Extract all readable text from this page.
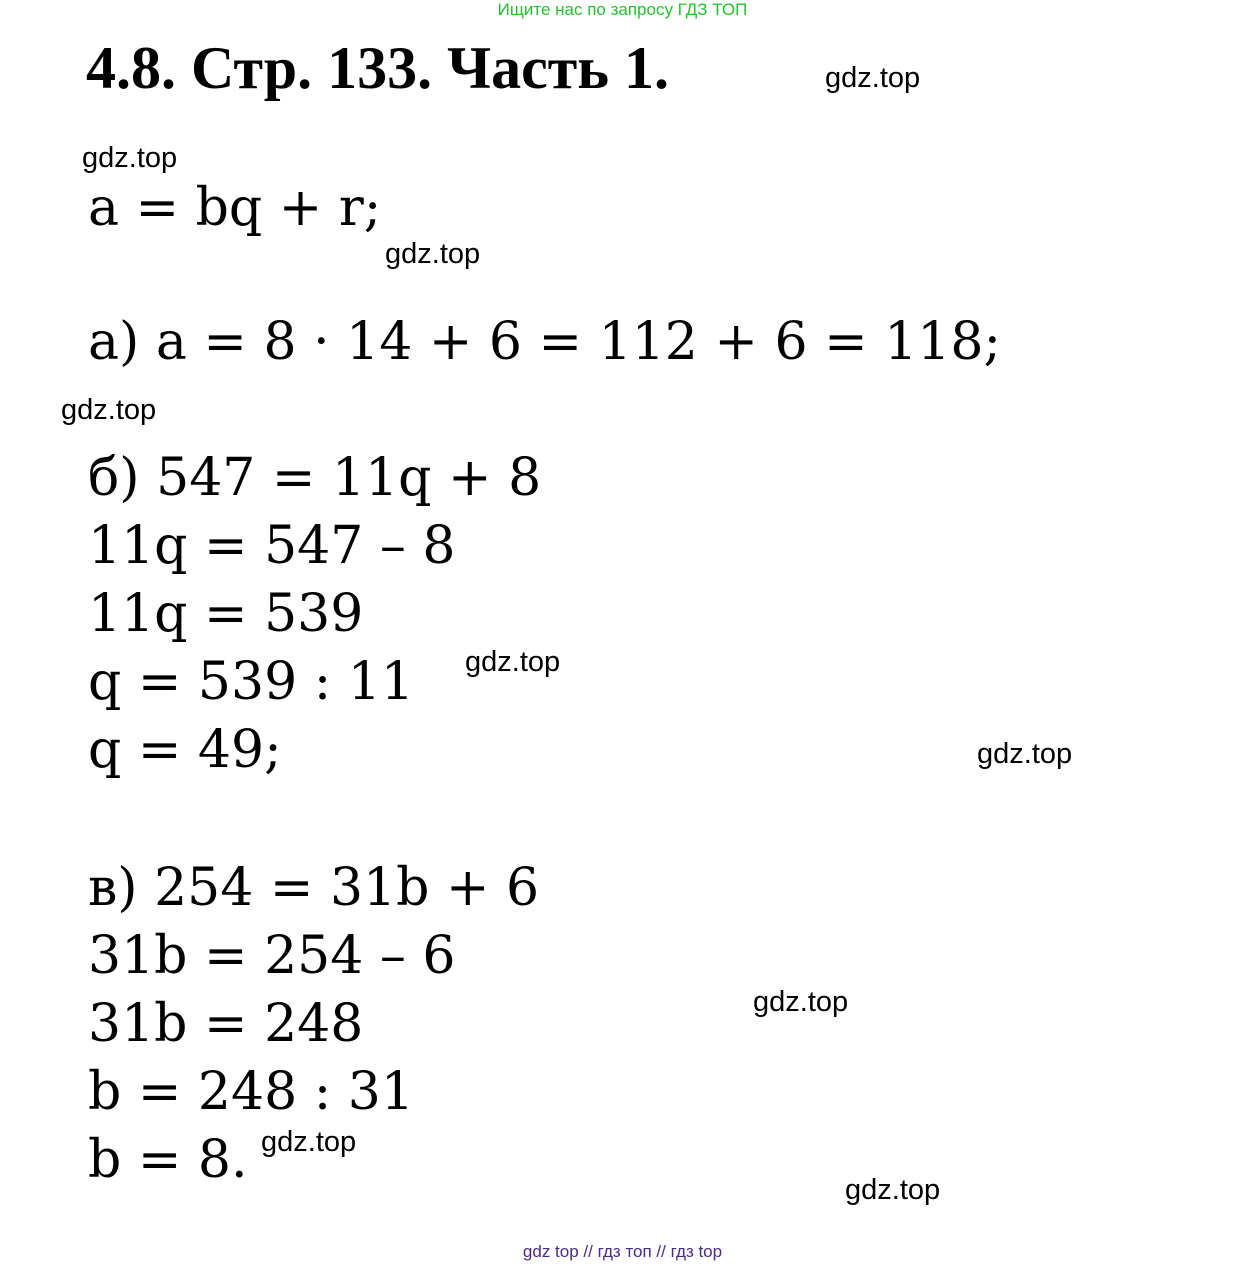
Ищите нас по запросу ГДЗ ТОП
4.8. Стр. 133. Часть 1.	gdz.top
gdz.top
gdz.top
gdz.top
gdz.top
gdz.top
gdz.top
gdz.top
gdz.top
a = bq + r;
а) a = 8 · 14 + 6 = 112 + 6 = 118;
б) 547 = 11q + 8
11q = 547 – 8
11q = 539
q = 539 : 11
q = 49;
в) 254 = 31b + 6
31b = 254 – 6
31b = 248
b = 248 : 31
b = 8.
gdz top // гдз топ // гдз top
